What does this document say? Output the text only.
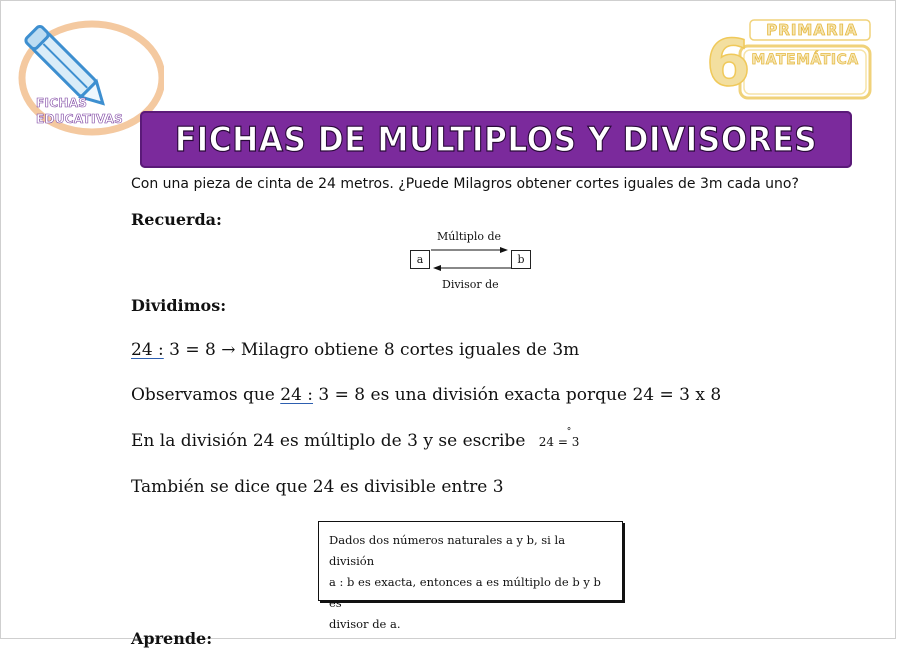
FICHAS
EDUCATIVAS
6	PRIMARIA
MATEMÁTICA
FICHAS DE MULTIPLOS Y DIVISORES
Con una pieza de cinta de 24 metros. ¿Puede Milagros obtener cortes iguales de 3m cada uno?
Recuerda:
Múltiplo de
a	b
Divisor de
Dividimos:
24 : 3 = 8 → Milagro obtiene 8 cortes iguales de 3m
Observamos que 24 : 3 = 8 es una división exacta porque 24 = 3 x 8
En la división 24 es múltiplo de 3 y se escribe 24 = 3
°
También se dice que 24 es divisible entre 3
Dados dos números naturales a y b, si la división
a : b es exacta, entonces a es múltiplo de b y b es
divisor de a.
Aprende:
